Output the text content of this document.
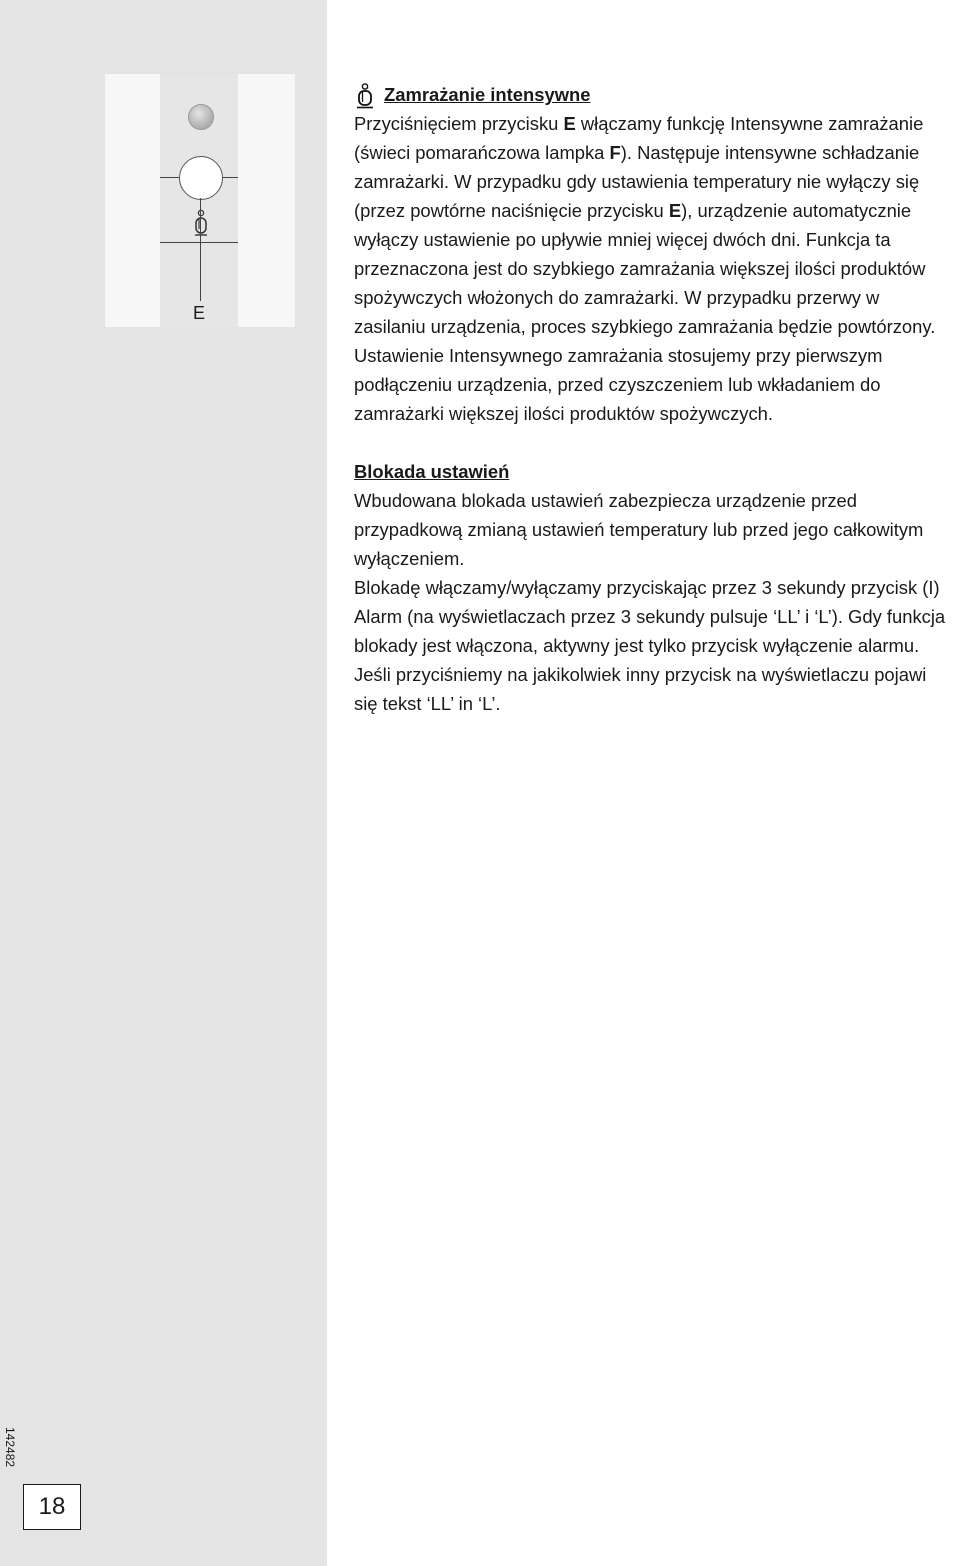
E
142482
18
Zamrażanie intensywne

Przyciśnięciem przycisku E włączamy funkcję Intensywne zamrażanie (świeci pomarańczowa lampka F). Następuje intensywne schładzanie zamrażarki. W przypadku gdy ustawienia temperatury nie wyłączy się (przez powtórne naciśnięcie przycisku E), urządzenie automatycznie wyłączy ustawienie po upływie mniej więcej dwóch dni. Funkcja ta przeznaczona jest do szybkiego zamrażania większej ilości produktów spożywczych włożonych do zamrażarki. W przypadku przerwy w zasilaniu urządzenia, proces szybkiego zamrażania będzie powtórzony.

Ustawienie Intensywnego zamrażania stosujemy przy pierwszym podłączeniu urządzenia, przed czyszczeniem lub wkładaniem do zamrażarki większej ilości produktów spożywczych.

Blokada ustawień

Wbudowana blokada ustawień zabezpiecza urządzenie przed przypadkową zmianą ustawień temperatury lub przed jego całkowitym wyłączeniem.

Blokadę włączamy/wyłączamy przyciskając przez 3 sekundy przycisk (I) Alarm (na wyświetlaczach przez 3 sekundy pulsuje ‘LL’ i ‘L’). Gdy funkcja blokady jest włączona, aktywny jest tylko przycisk wyłączenie alarmu. Jeśli przyciśniemy na jakikolwiek inny przycisk na wyświetlaczu pojawi się tekst ‘LL’ in ‘L’.
